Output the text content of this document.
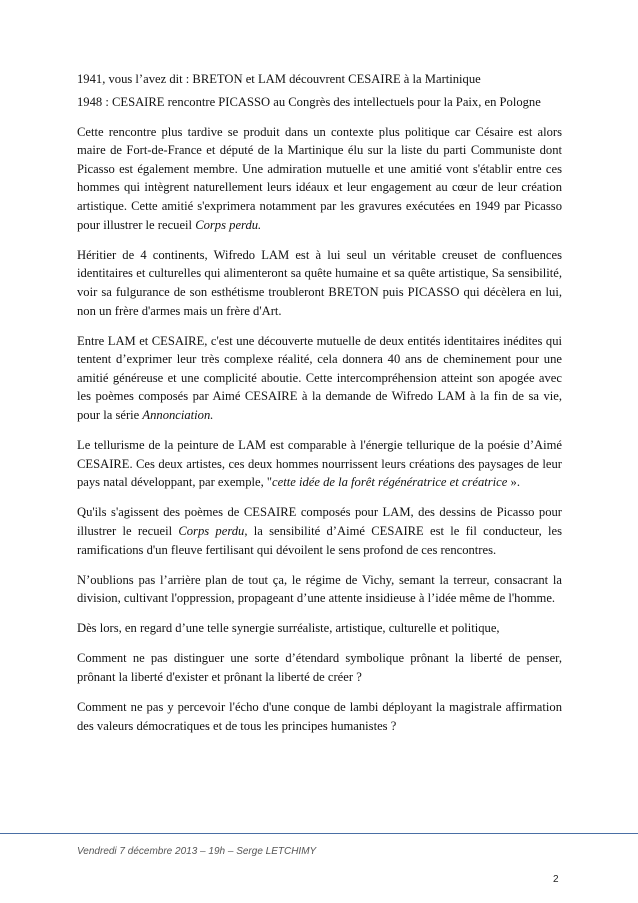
1941, vous l’avez dit : BRETON et LAM découvrent CESAIRE à la Martinique

1948 : CESAIRE rencontre PICASSO au Congrès des intellectuels pour la Paix, en Pologne

Cette rencontre plus tardive se produit dans un contexte plus politique car Césaire est alors maire de Fort-de-France et député de la Martinique élu sur la liste du parti Communiste dont Picasso est également membre. Une admiration mutuelle et une amitié vont s'établir entre ces hommes qui intègrent naturellement leurs idéaux et leur engagement au cœur de leur création artistique. Cette amitié s'exprimera notamment par les gravures exécutées en 1949 par Picasso pour illustrer le recueil Corps perdu.

Héritier de 4 continents, Wifredo LAM est à lui seul un véritable creuset de confluences identitaires et culturelles qui alimenteront sa quête humaine et sa quête artistique, Sa sensibilité, voir sa fulgurance de son esthétisme troubleront BRETON puis PICASSO qui décèlera en lui, non un frère d'armes mais un frère d'Art.

Entre LAM et CESAIRE, c'est une découverte mutuelle de deux entités identitaires inédites qui tentent d’exprimer leur très complexe réalité, cela donnera 40 ans de cheminement pour une amitié généreuse et une complicité aboutie. Cette intercompréhension atteint son apogée avec les poèmes composés par Aimé CESAIRE à la demande de Wifredo LAM à la fin de sa vie, pour la série Annonciation.

Le tellurisme de la peinture de LAM est comparable à l'énergie tellurique de la poésie d’Aimé CESAIRE. Ces deux artistes, ces deux hommes nourrissent leurs créations des paysages de leur pays natal développant, par exemple, "cette idée de la forêt régénératrice et créatrice ».

Qu'ils s'agissent des poèmes de CESAIRE composés pour LAM, des dessins de Picasso pour illustrer le recueil Corps perdu, la sensibilité d’Aimé CESAIRE est le fil conducteur, les ramifications d'un fleuve fertilisant qui dévoilent le sens profond de ces rencontres.

N’oublions pas l’arrière plan de tout ça, le régime de Vichy, semant la terreur, consacrant la division, cultivant l'oppression, propageant d’une attente insidieuse à l’idée même de l'homme.

Dès lors, en regard d’une telle synergie surréaliste, artistique, culturelle et politique,

Comment ne pas distinguer une sorte d’étendard symbolique prônant la liberté de penser, prônant la liberté d'exister et prônant la liberté de créer ?

Comment ne pas y percevoir l'écho d'une conque de lambi déployant la magistrale affirmation des valeurs démocratiques et de tous les principes humanistes ?

Vendredi 7 décembre 2013 – 19h – Serge LETCHIMY
2
